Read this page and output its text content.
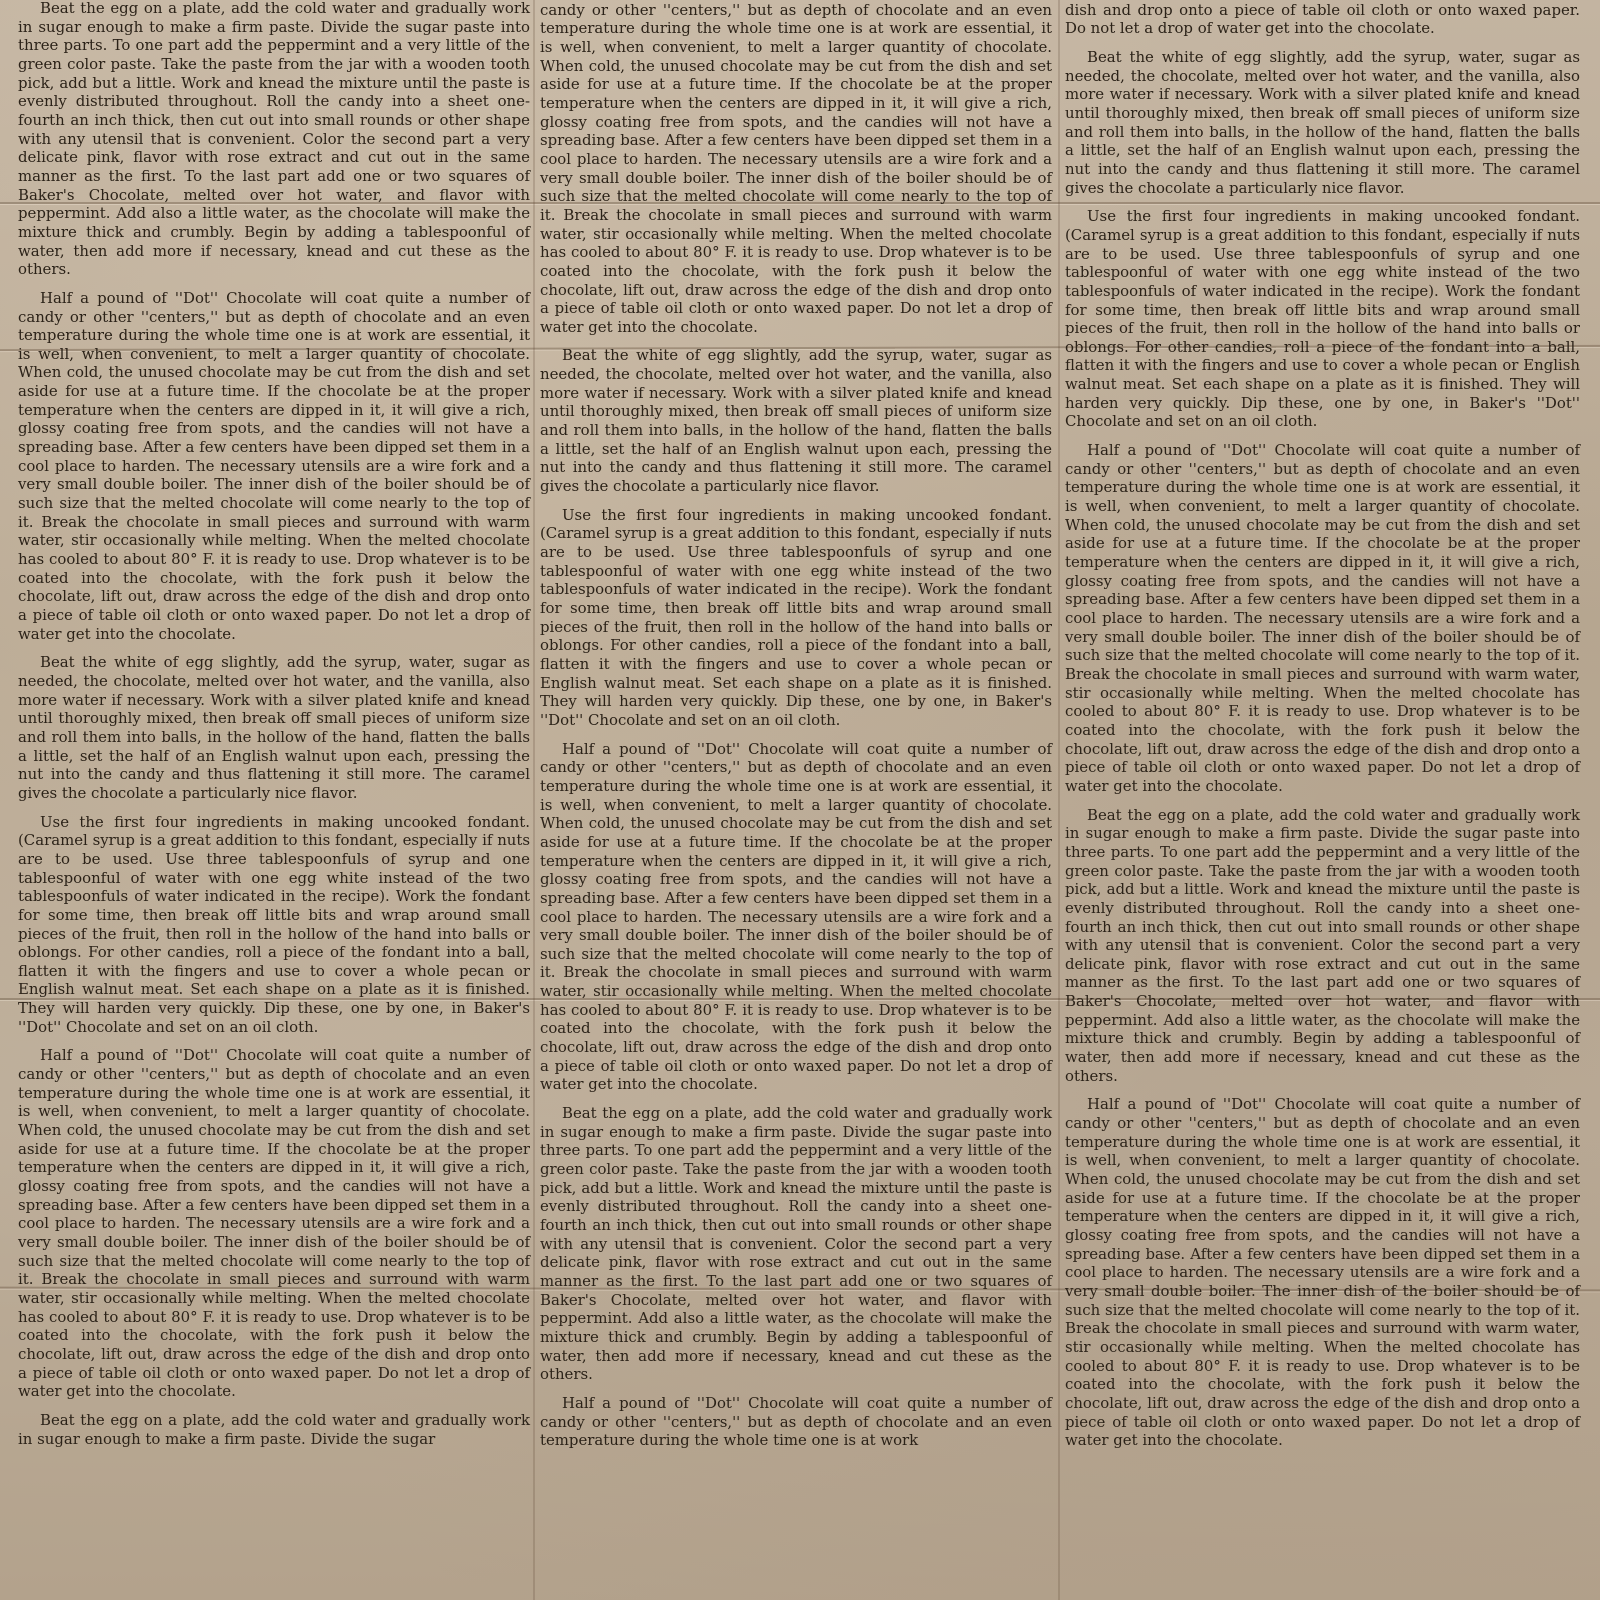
Beat the egg on a plate, add the cold water and gradually work in sugar enough to make a firm paste. Divide the sugar paste into three parts. To one part add the peppermint and a very little of the green color paste. Take the paste from the jar with a wooden tooth pick, add but a little. Work and knead the mixture until the paste is evenly distributed throughout. Roll the candy into a sheet one-fourth an inch thick, then cut out into small rounds or other shape with any utensil that is convenient. Color the second part a very delicate pink, flavor with rose extract and cut out in the same manner as the first. To the last part add one or two squares of Baker's Chocolate, melted over hot water, and flavor with peppermint. Add also a little water, as the chocolate will make the mixture thick and crumbly. Begin by adding a tablespoonful of water, then add more if necessary, knead and cut these as the others.

Half a pound of ''Dot'' Chocolate will coat quite a number of candy or other ''centers,'' but as depth of chocolate and an even temperature during the whole time one is at work are essential, it is well, when convenient, to melt a larger quantity of chocolate. When cold, the unused chocolate may be cut from the dish and set aside for use at a future time. If the chocolate be at the proper temperature when the centers are dipped in it, it will give a rich, glossy coating free from spots, and the candies will not have a spreading base. After a few centers have been dipped set them in a cool place to harden. The necessary utensils are a wire fork and a very small double boiler. The inner dish of the boiler should be of such size that the melted chocolate will come nearly to the top of it. Break the chocolate in small pieces and surround with warm water, stir occasionally while melting. When the melted chocolate has cooled to about 80° F. it is ready to use. Drop whatever is to be coated into the chocolate, with the fork push it below the chocolate, lift out, draw across the edge of the dish and drop onto a piece of table oil cloth or onto waxed paper. Do not let a drop of water get into the chocolate.

Beat the white of egg slightly, add the syrup, water, sugar as needed, the chocolate, melted over hot water, and the vanilla, also more water if necessary. Work with a silver plated knife and knead until thoroughly mixed, then break off small pieces of uniform size and roll them into balls, in the hollow of the hand, flatten the balls a little, set the half of an English walnut upon each, pressing the nut into the candy and thus flattening it still more. The caramel gives the chocolate a particularly nice flavor.

Use the first four ingredients in making uncooked fondant. (Caramel syrup is a great addition to this fondant, especially if nuts are to be used. Use three tablespoonfuls of syrup and one tablespoonful of water with one egg white instead of the two tablespoonfuls of water indicated in the recipe). Work the fondant for some time, then break off little bits and wrap around small pieces of the fruit, then roll in the hollow of the hand into balls or oblongs. For other candies, roll a piece of the fondant into a ball, flatten it with the fingers and use to cover a whole pecan or English walnut meat. Set each shape on a plate as it is finished. They will harden very quickly. Dip these, one by one, in Baker's ''Dot'' Chocolate and set on an oil cloth.

Half a pound of ''Dot'' Chocolate will coat quite a number of candy or other ''centers,'' but as depth of chocolate and an even temperature during the whole time one is at work are essential, it is well, when convenient, to melt a larger quantity of chocolate. When cold, the unused chocolate may be cut from the dish and set aside for use at a future time. If the chocolate be at the proper temperature when the centers are dipped in it, it will give a rich, glossy coating free from spots, and the candies will not have a spreading base. After a few centers have been dipped set them in a cool place to harden. The necessary utensils are a wire fork and a very small double boiler. The inner dish of the boiler should be of such size that the melted chocolate will come nearly to the top of it. Break the chocolate in small pieces and surround with warm water, stir occasionally while melting. When the melted chocolate has cooled to about 80° F. it is ready to use. Drop whatever is to be coated into the chocolate, with the fork push it below the chocolate, lift out, draw across the edge of the dish and drop onto a piece of table oil cloth or onto waxed paper. Do not let a drop of water get into the chocolate.

Beat the egg on a plate, add the cold water and gradually work in sugar enough to make a firm paste. Divide the sugar

candy or other ''centers,'' but as depth of chocolate and an even temperature during the whole time one is at work are essential, it is well, when convenient, to melt a larger quantity of chocolate. When cold, the unused chocolate may be cut from the dish and set aside for use at a future time. If the chocolate be at the proper temperature when the centers are dipped in it, it will give a rich, glossy coating free from spots, and the candies will not have a spreading base. After a few centers have been dipped set them in a cool place to harden. The necessary utensils are a wire fork and a very small double boiler. The inner dish of the boiler should be of such size that the melted chocolate will come nearly to the top of it. Break the chocolate in small pieces and surround with warm water, stir occasionally while melting. When the melted chocolate has cooled to about 80° F. it is ready to use. Drop whatever is to be coated into the chocolate, with the fork push it below the chocolate, lift out, draw across the edge of the dish and drop onto a piece of table oil cloth or onto waxed paper. Do not let a drop of water get into the chocolate.

Beat the white of egg slightly, add the syrup, water, sugar as needed, the chocolate, melted over hot water, and the vanilla, also more water if necessary. Work with a silver plated knife and knead until thoroughly mixed, then break off small pieces of uniform size and roll them into balls, in the hollow of the hand, flatten the balls a little, set the half of an English walnut upon each, pressing the nut into the candy and thus flattening it still more. The caramel gives the chocolate a particularly nice flavor.

Use the first four ingredients in making uncooked fondant. (Caramel syrup is a great addition to this fondant, especially if nuts are to be used. Use three tablespoonfuls of syrup and one tablespoonful of water with one egg white instead of the two tablespoonfuls of water indicated in the recipe). Work the fondant for some time, then break off little bits and wrap around small pieces of the fruit, then roll in the hollow of the hand into balls or oblongs. For other candies, roll a piece of the fondant into a ball, flatten it with the fingers and use to cover a whole pecan or English walnut meat. Set each shape on a plate as it is finished. They will harden very quickly. Dip these, one by one, in Baker's ''Dot'' Chocolate and set on an oil cloth.

Half a pound of ''Dot'' Chocolate will coat quite a number of candy or other ''centers,'' but as depth of chocolate and an even temperature during the whole time one is at work are essential, it is well, when convenient, to melt a larger quantity of chocolate. When cold, the unused chocolate may be cut from the dish and set aside for use at a future time. If the chocolate be at the proper temperature when the centers are dipped in it, it will give a rich, glossy coating free from spots, and the candies will not have a spreading base. After a few centers have been dipped set them in a cool place to harden. The necessary utensils are a wire fork and a very small double boiler. The inner dish of the boiler should be of such size that the melted chocolate will come nearly to the top of it. Break the chocolate in small pieces and surround with warm water, stir occasionally while melting. When the melted chocolate has cooled to about 80° F. it is ready to use. Drop whatever is to be coated into the chocolate, with the fork push it below the chocolate, lift out, draw across the edge of the dish and drop onto a piece of table oil cloth or onto waxed paper. Do not let a drop of water get into the chocolate.

Beat the egg on a plate, add the cold water and gradually work in sugar enough to make a firm paste. Divide the sugar paste into three parts. To one part add the peppermint and a very little of the green color paste. Take the paste from the jar with a wooden tooth pick, add but a little. Work and knead the mixture until the paste is evenly distributed throughout. Roll the candy into a sheet one-fourth an inch thick, then cut out into small rounds or other shape with any utensil that is convenient. Color the second part a very delicate pink, flavor with rose extract and cut out in the same manner as the first. To the last part add one or two squares of Baker's Chocolate, melted over hot water, and flavor with peppermint. Add also a little water, as the chocolate will make the mixture thick and crumbly. Begin by adding a tablespoonful of water, then add more if necessary, knead and cut these as the others.

Half a pound of ''Dot'' Chocolate will coat quite a number of candy or other ''centers,'' but as depth of chocolate and an even temperature during the whole time one is at work

dish and drop onto a piece of table oil cloth or onto waxed paper. Do not let a drop of water get into the chocolate.

Beat the white of egg slightly, add the syrup, water, sugar as needed, the chocolate, melted over hot water, and the vanilla, also more water if necessary. Work with a silver plated knife and knead until thoroughly mixed, then break off small pieces of uniform size and roll them into balls, in the hollow of the hand, flatten the balls a little, set the half of an English walnut upon each, pressing the nut into the candy and thus flattening it still more. The caramel gives the chocolate a particularly nice flavor.

Use the first four ingredients in making uncooked fondant. (Caramel syrup is a great addition to this fondant, especially if nuts are to be used. Use three tablespoonfuls of syrup and one tablespoonful of water with one egg white instead of the two tablespoonfuls of water indicated in the recipe). Work the fondant for some time, then break off little bits and wrap around small pieces of the fruit, then roll in the hollow of the hand into balls or oblongs. For other candies, roll a piece of the fondant into a ball, flatten it with the fingers and use to cover a whole pecan or English walnut meat. Set each shape on a plate as it is finished. They will harden very quickly. Dip these, one by one, in Baker's ''Dot'' Chocolate and set on an oil cloth.

Half a pound of ''Dot'' Chocolate will coat quite a number of candy or other ''centers,'' but as depth of chocolate and an even temperature during the whole time one is at work are essential, it is well, when convenient, to melt a larger quantity of chocolate. When cold, the unused chocolate may be cut from the dish and set aside for use at a future time. If the chocolate be at the proper temperature when the centers are dipped in it, it will give a rich, glossy coating free from spots, and the candies will not have a spreading base. After a few centers have been dipped set them in a cool place to harden. The necessary utensils are a wire fork and a very small double boiler. The inner dish of the boiler should be of such size that the melted chocolate will come nearly to the top of it. Break the chocolate in small pieces and surround with warm water, stir occasionally while melting. When the melted chocolate has cooled to about 80° F. it is ready to use. Drop whatever is to be coated into the chocolate, with the fork push it below the chocolate, lift out, draw across the edge of the dish and drop onto a piece of table oil cloth or onto waxed paper. Do not let a drop of water get into the chocolate.

Beat the egg on a plate, add the cold water and gradually work in sugar enough to make a firm paste. Divide the sugar paste into three parts. To one part add the peppermint and a very little of the green color paste. Take the paste from the jar with a wooden tooth pick, add but a little. Work and knead the mixture until the paste is evenly distributed throughout. Roll the candy into a sheet one-fourth an inch thick, then cut out into small rounds or other shape with any utensil that is convenient. Color the second part a very delicate pink, flavor with rose extract and cut out in the same manner as the first. To the last part add one or two squares of Baker's Chocolate, melted over hot water, and flavor with peppermint. Add also a little water, as the chocolate will make the mixture thick and crumbly. Begin by adding a tablespoonful of water, then add more if necessary, knead and cut these as the others.

Half a pound of ''Dot'' Chocolate will coat quite a number of candy or other ''centers,'' but as depth of chocolate and an even temperature during the whole time one is at work are essential, it is well, when convenient, to melt a larger quantity of chocolate. When cold, the unused chocolate may be cut from the dish and set aside for use at a future time. If the chocolate be at the proper temperature when the centers are dipped in it, it will give a rich, glossy coating free from spots, and the candies will not have a spreading base. After a few centers have been dipped set them in a cool place to harden. The necessary utensils are a wire fork and a very small double boiler. The inner dish of the boiler should be of such size that the melted chocolate will come nearly to the top of it. Break the chocolate in small pieces and surround with warm water, stir occasionally while melting. When the melted chocolate has cooled to about 80° F. it is ready to use. Drop whatever is to be coated into the chocolate, with the fork push it below the chocolate, lift out, draw across the edge of the dish and drop onto a piece of table oil cloth or onto waxed paper. Do not let a drop of water get into the chocolate.
